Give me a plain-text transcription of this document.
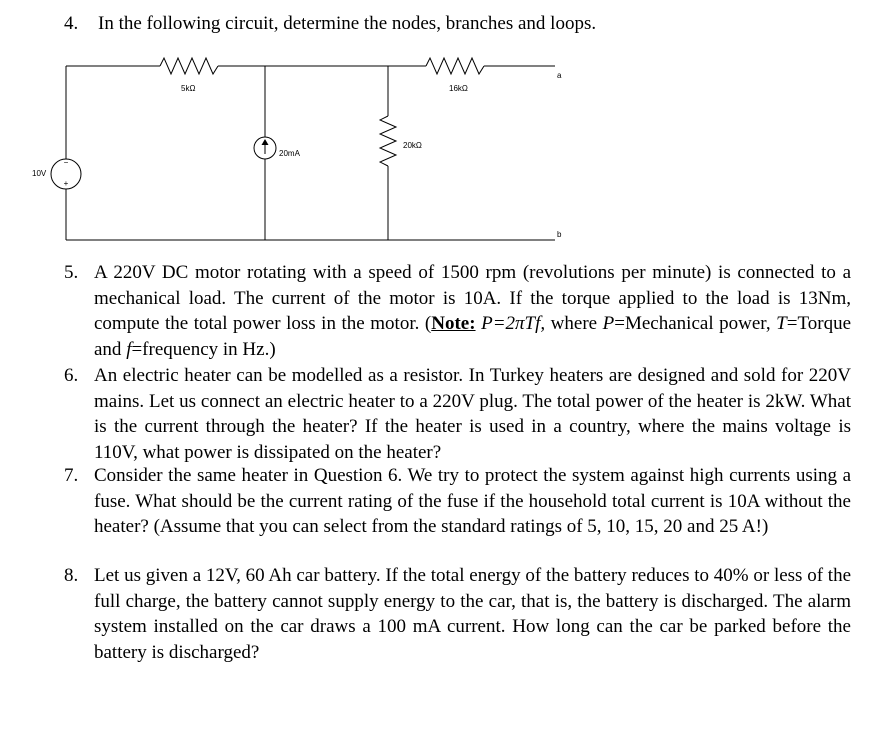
4.	In the following circuit, determine the nodes, branches and loops.
−
+
5kΩ	16kΩ
20kΩ
20mA
10V
a
b
5. A 220V DC motor rotating with a speed of 1500 rpm (revolutions per minute) is connected to a mechanical load. The current of the motor is 10A. If the torque applied to the load is 13Nm, compute the total power loss in the motor. (Note: P=2πTf, where P=Mechanical power, T=Torque and f=frequency in Hz.)
6. An electric heater can be modelled as a resistor. In Turkey heaters are designed and sold for 220V mains. Let us connect an electric heater to a 220V plug. The total power of the heater is 2kW. What is the current through the heater? If the heater is used in a country, where the mains voltage is 110V, what power is dissipated on the heater?
7. Consider the same heater in Question 6. We try to protect the system against high currents using a fuse. What should be the current rating of the fuse if the household total current is 10A without the heater? (Assume that you can select from the standard ratings of 5, 10, 15, 20 and 25 A!)
8. Let us given a 12V, 60 Ah car battery. If the total energy of the battery reduces to 40% or less of the full charge, the battery cannot supply energy to the car, that is, the battery is discharged. The alarm system installed on the car draws a 100 mA current. How long can the car be parked before the battery is discharged?
